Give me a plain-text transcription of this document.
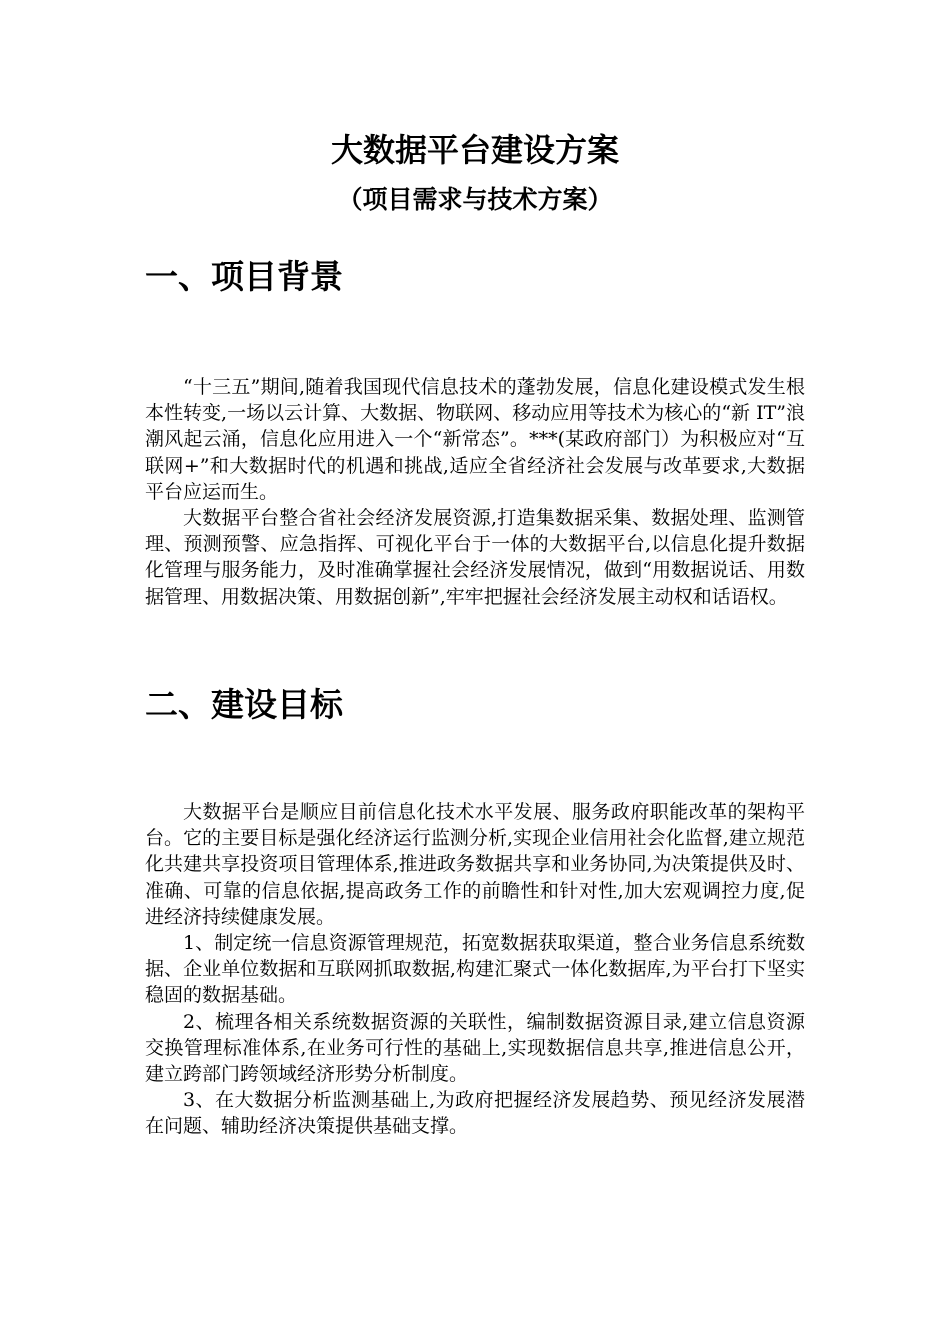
大数据平台建设方案
（项目需求与技术方案）
一、项目背景

“十三五”期间,随着我国现代信息技术的蓬勃发展，信息化建设模式发生根本性转变,一场以云计算、大数据、物联网、移动应用等技术为核心的“新 IT”浪潮风起云涌，信息化应用进入一个“新常态”。***(某政府部门）为积极应对“互联网+”和大数据时代的机遇和挑战,适应全省经济社会发展与改革要求,大数据平台应运而生。

大数据平台整合省社会经济发展资源,打造集数据采集、数据处理、监测管理、预测预警、应急指挥、可视化平台于一体的大数据平台,以信息化提升数据化管理与服务能力，及时准确掌握社会经济发展情况，做到“用数据说话、用数据管理、用数据决策、用数据创新”,牢牢把握社会经济发展主动权和话语权。

二、建设目标

大数据平台是顺应目前信息化技术水平发展、服务政府职能改革的架构平台。它的主要目标是强化经济运行监测分析,实现企业信用社会化监督,建立规范化共建共享投资项目管理体系,推进政务数据共享和业务协同,为决策提供及时、准确、可靠的信息依据,提高政务工作的前瞻性和针对性,加大宏观调控力度,促进经济持续健康发展。

1、制定统一信息资源管理规范，拓宽数据获取渠道，整合业务信息系统数据、企业单位数据和互联网抓取数据,构建汇聚式一体化数据库,为平台打下坚实稳固的数据基础。

2、梳理各相关系统数据资源的关联性，编制数据资源目录,建立信息资源交换管理标准体系,在业务可行性的基础上,实现数据信息共享,推进信息公开，建立跨部门跨领域经济形势分析制度。

3、在大数据分析监测基础上,为政府把握经济发展趋势、预见经济发展潜在问题、辅助经济决策提供基础支撑。
